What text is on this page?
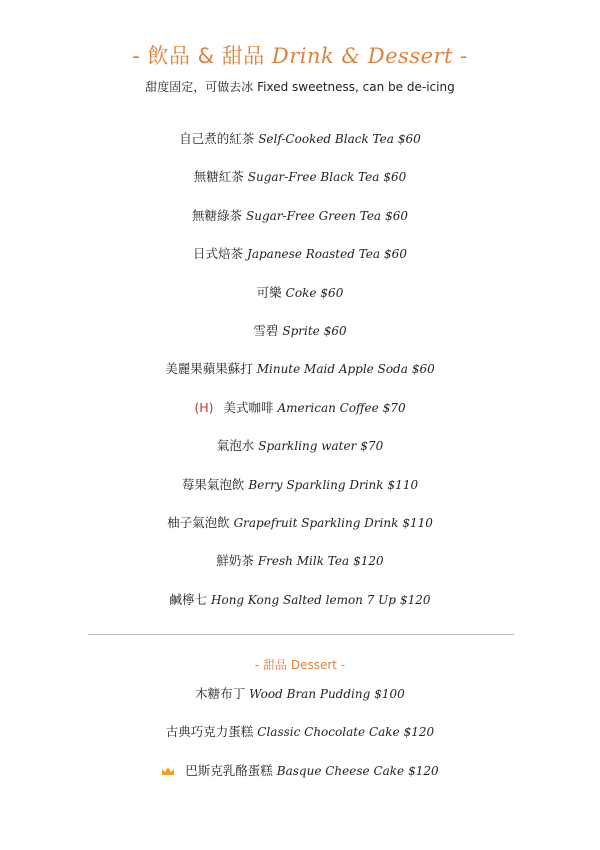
- 飲品 & 甜品 Drink & Dessert -
甜度固定，可做去冰 Fixed sweetness, can be de-icing
自己煮的紅茶 Self-Cooked Black Tea $60
無糖紅茶 Sugar-Free Black Tea $60
無糖綠茶 Sugar-Free Green Tea $60
日式焙茶 Japanese Roasted Tea $60
可樂 Coke $60
雪碧 Sprite $60
美麗果蘋果蘇打 Minute Maid Apple Soda $60
(H) 美式咖啡 American Coffee $70
氣泡水 Sparkling water $70
莓果氣泡飲 Berry Sparkling Drink $110
柚子氣泡飲 Grapefruit Sparkling Drink $110
鮮奶茶 Fresh Milk Tea $120
鹹檸七 Hong Kong Salted lemon 7 Up $120
- 甜品 Dessert -
木糖布丁 Wood Bran Pudding $100
古典巧克力蛋糕 Classic Chocolate Cake $120
巴斯克乳酪蛋糕 Basque Cheese Cake $120
